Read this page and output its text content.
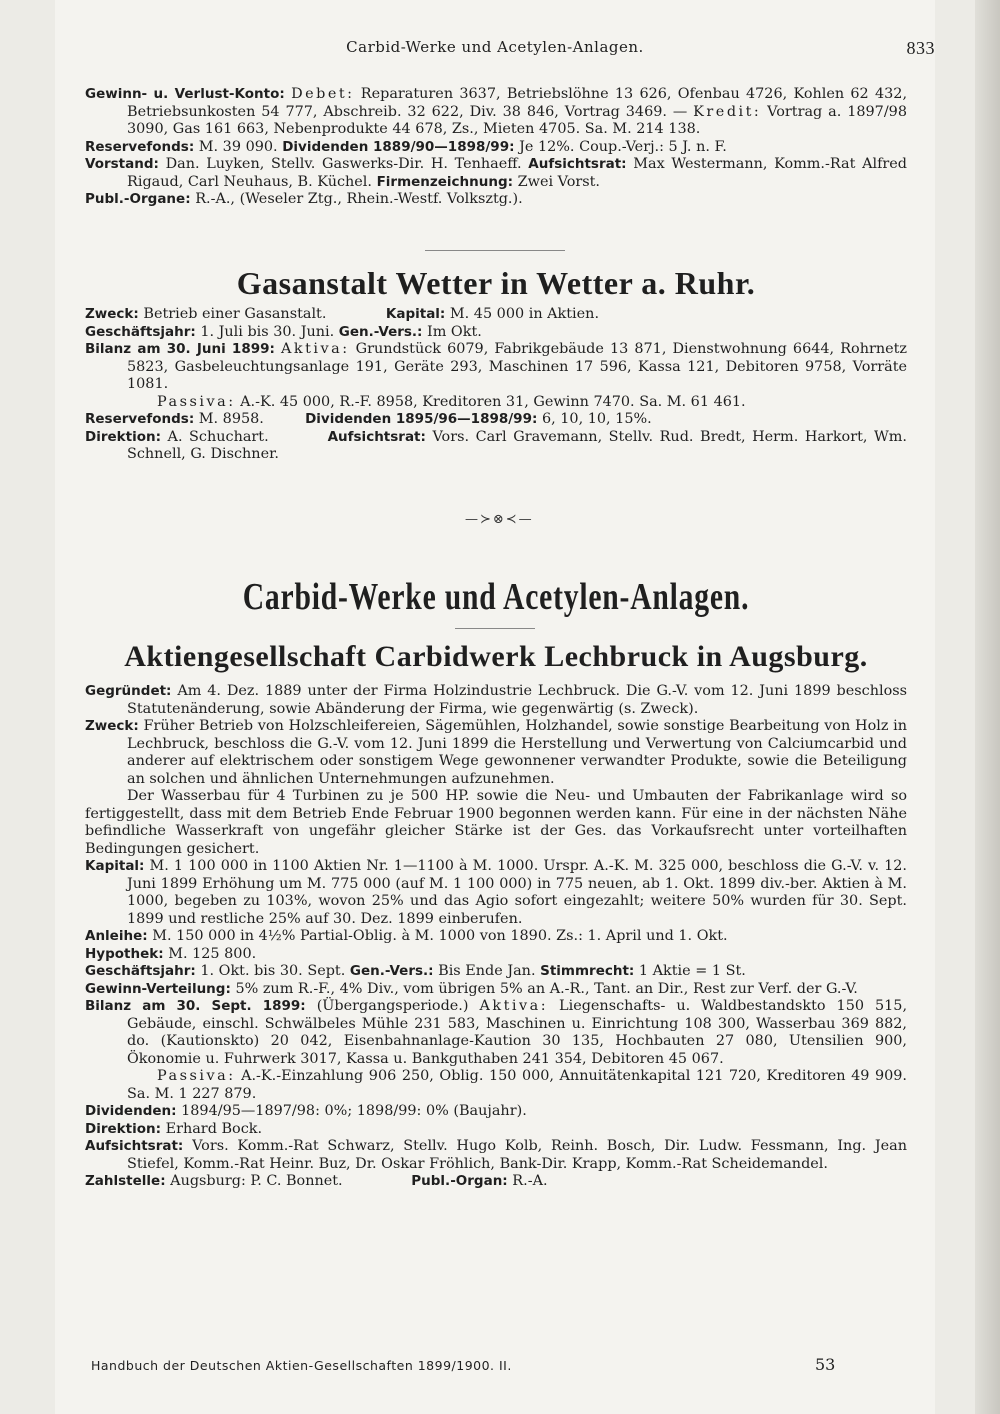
Carbid-Werke und Acetylen-Anlagen.	833

Gewinn- u. Verlust-Konto: Debet: Reparaturen 3637, Betriebslöhne 13 626, Ofenbau 4726, Kohlen 62 432, Betriebsunkosten 54 777, Abschreib. 32 622, Div. 38 846, Vortrag 3469. — Kredit: Vortrag a. 1897/98 3090, Gas 161 663, Nebenprodukte 44 678, Zs., Mieten 4705. Sa. M. 214 138.

Reservefonds: M. 39 090. Dividenden 1889/90—1898/99: Je 12%. Coup.-Verj.: 5 J. n. F.

Vorstand: Dan. Luyken, Stellv. Gaswerks-Dir. H. Tenhaeff. Aufsichtsrat: Max Westermann, Komm.-Rat Alfred Rigaud, Carl Neuhaus, B. Küchel. Firmenzeichnung: Zwei Vorst.

Publ.-Organe: R.-A., (Weseler Ztg., Rhein.-Westf. Volksztg.).

Gasanstalt Wetter in Wetter a. Ruhr.

Zweck: Betrieb einer Gasanstalt.	Kapital: M. 45 000 in Aktien.

Geschäftsjahr: 1. Juli bis 30. Juni. Gen.-Vers.: Im Okt.

Bilanz am 30. Juni 1899: Aktiva: Grundstück 6079, Fabrikgebäude 13 871, Dienstwohnung 6644, Rohrnetz 5823, Gasbeleuchtungsanlage 191, Geräte 293, Maschinen 17 596, Kassa 121, Debitoren 9758, Vorräte 1081.

Passiva: A.-K. 45 000, R.-F. 8958, Kreditoren 31, Gewinn 7470. Sa. M. 61 461.

Reservefonds: M. 8958.	Dividenden 1895/96—1898/99: 6, 10, 10, 15%.

Direktion: A. Schuchart.	Aufsichtsrat: Vors. Carl Gravemann, Stellv. Rud. Bredt, Herm. Harkort, Wm. Schnell, G. Dischner.

—≻⊗≺—
Carbid-Werke und Acetylen-Anlagen.
Aktiengesellschaft Carbidwerk Lechbruck in Augsburg.

Gegründet: Am 4. Dez. 1889 unter der Firma Holzindustrie Lechbruck. Die G.-V. vom 12. Juni 1899 beschloss Statutenänderung, sowie Abänderung der Firma, wie gegenwärtig (s. Zweck).

Zweck: Früher Betrieb von Holzschleifereien, Sägemühlen, Holzhandel, sowie sonstige Bearbeitung von Holz in Lechbruck, beschloss die G.-V. vom 12. Juni 1899 die Herstellung und Verwertung von Calciumcarbid und anderer auf elektrischem oder sonstigem Wege gewonnener verwandter Produkte, sowie die Beteiligung an solchen und ähnlichen Unternehmungen aufzunehmen.

Der Wasserbau für 4 Turbinen zu je 500 HP. sowie die Neu- und Umbauten der Fabrikanlage wird so fertiggestellt, dass mit dem Betrieb Ende Februar 1900 begonnen werden kann. Für eine in der nächsten Nähe befindliche Wasserkraft von ungefähr gleicher Stärke ist der Ges. das Vorkaufsrecht unter vorteilhaften Bedingungen gesichert.

Kapital: M. 1 100 000 in 1100 Aktien Nr. 1—1100 à M. 1000. Urspr. A.-K. M. 325 000, beschloss die G.-V. v. 12. Juni 1899 Erhöhung um M. 775 000 (auf M. 1 100 000) in 775 neuen, ab 1. Okt. 1899 div.-ber. Aktien à M. 1000, begeben zu 103%, wovon 25% und das Agio sofort eingezahlt; weitere 50% wurden für 30. Sept. 1899 und restliche 25% auf 30. Dez. 1899 einberufen.

Anleihe: M. 150 000 in 4½% Partial-Oblig. à M. 1000 von 1890. Zs.: 1. April und 1. Okt.

Hypothek: M. 125 800.

Geschäftsjahr: 1. Okt. bis 30. Sept. Gen.-Vers.: Bis Ende Jan. Stimmrecht: 1 Aktie = 1 St.

Gewinn-Verteilung: 5% zum R.-F., 4% Div., vom übrigen 5% an A.-R., Tant. an Dir., Rest zur Verf. der G.-V.

Bilanz am 30. Sept. 1899: (Übergangsperiode.) Aktiva: Liegenschafts- u. Waldbestandskto 150 515, Gebäude, einschl. Schwälbeles Mühle 231 583, Maschinen u. Einrichtung 108 300, Wasserbau 369 882, do. (Kautionskto) 20 042, Eisenbahnanlage-Kaution 30 135, Hochbauten 27 080, Utensilien 900, Ökonomie u. Fuhrwerk 3017, Kassa u. Bankguthaben 241 354, Debitoren 45 067.

Passiva: A.-K.-Einzahlung 906 250, Oblig. 150 000, Annuitätenkapital 121 720, Kreditoren 49 909. Sa. M. 1 227 879.

Dividenden: 1894/95—1897/98: 0%; 1898/99: 0% (Baujahr).

Direktion: Erhard Bock.

Aufsichtsrat: Vors. Komm.-Rat Schwarz, Stellv. Hugo Kolb, Reinh. Bosch, Dir. Ludw. Fessmann, Ing. Jean Stiefel, Komm.-Rat Heinr. Buz, Dr. Oskar Fröhlich, Bank-Dir. Krapp, Komm.-Rat Scheidemandel.

Zahlstelle: Augsburg: P. C. Bonnet.	Publ.-Organ: R.-A.

Handbuch der Deutschen Aktien-Gesellschaften 1899/1900. II.	53
